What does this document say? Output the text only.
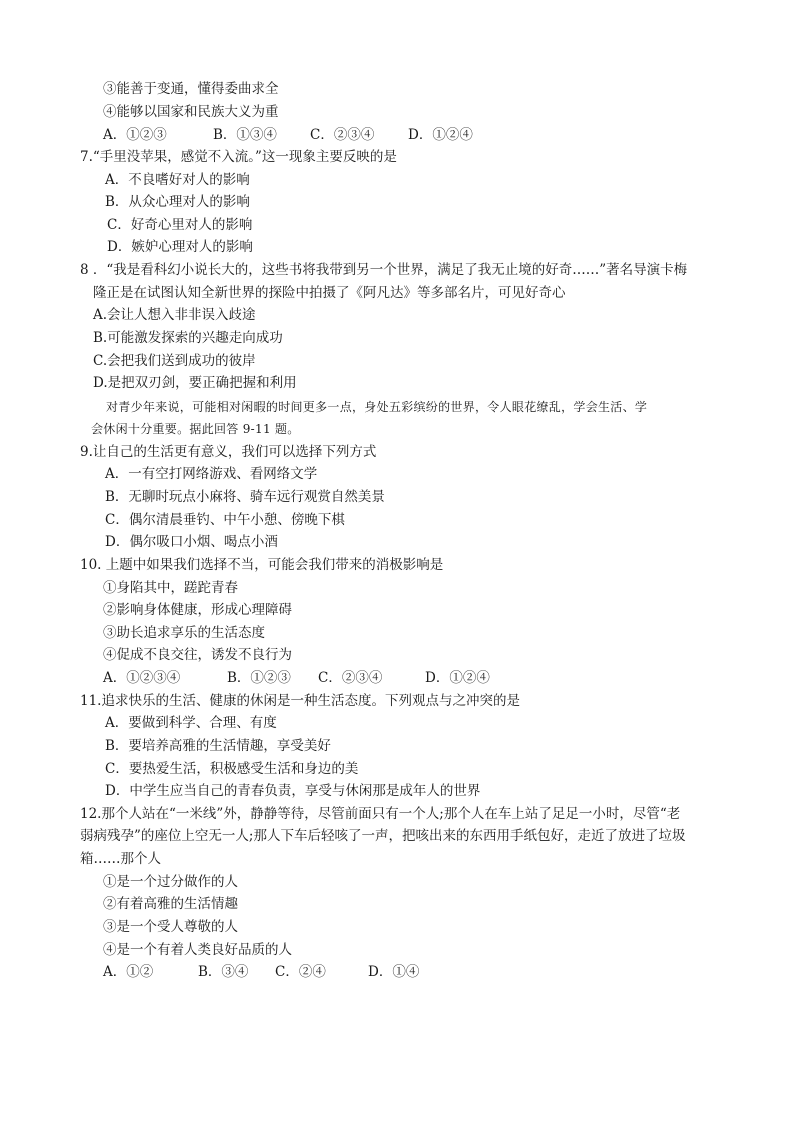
③能善于变通，懂得委曲求全
④能够以国家和民族大义为重
A．①②③	B．①③④ C．②③④ D．①②④
7.“手里没苹果，感觉不入流。”这一现象主要反映的是
A．不良嗜好对人的影响
B．从众心理对人的影响
C．好奇心里对人的影响
D．嫉妒心理对人的影响
8 ．“我是看科幻小说长大的，这些书将我带到另一个世界，满足了我无止境的好奇……”著名导演卡梅
隆正是在试图认知全新世界的探险中拍摄了《阿凡达》等多部名片，可见好奇心
A.会让人想入非非误入歧途
B.可能激发探索的兴趣走向成功
C.会把我们送到成功的彼岸
D.是把双刃剑，要正确把握和利用
对青少年来说，可能相对闲暇的时间更多一点，身处五彩缤纷的世界，令人眼花缭乱，学会生活、学
会休闲十分重要。据此回答 9-11 题。
9.让自己的生活更有意义，我们可以选择下列方式
A．一有空打网络游戏、看网络文学
B．无聊时玩点小麻将、骑车远行观赏自然美景
C．偶尔清晨垂钓、中午小憩、傍晚下棋
D．偶尔吸口小烟、喝点小酒
10. 上题中如果我们选择不当，可能会我们带来的消极影响是
①身陷其中，蹉跎青春
②影响身体健康，形成心理障碍
③助长追求享乐的生活态度
④促成不良交往，诱发不良行为
A．①②③④	B．①②③ C．②③④	D．①②④
11.追求快乐的生活、健康的休闲是一种生活态度。下列观点与之冲突的是
A．要做到科学、合理、有度
B．要培养高雅的生活情趣，享受美好
C．要热爱生活，积极感受生活和身边的美
D．中学生应当自己的青春负责，享受与休闲那是成年人的世界
12.那个人站在“一米线”外，静静等待，尽管前面只有一个人;那个人在车上站了足足一小时，尽管“老
弱病残孕”的座位上空无一人;那人下车后轻咳了一声，把咳出来的东西用手纸包好，走近了放进了垃圾
箱……那个人
①是一个过分做作的人
②有着高雅的生活情趣
③是一个受人尊敬的人
④是一个有着人类良好品质的人
A．①②	B．③④ C．②④	D．①④
